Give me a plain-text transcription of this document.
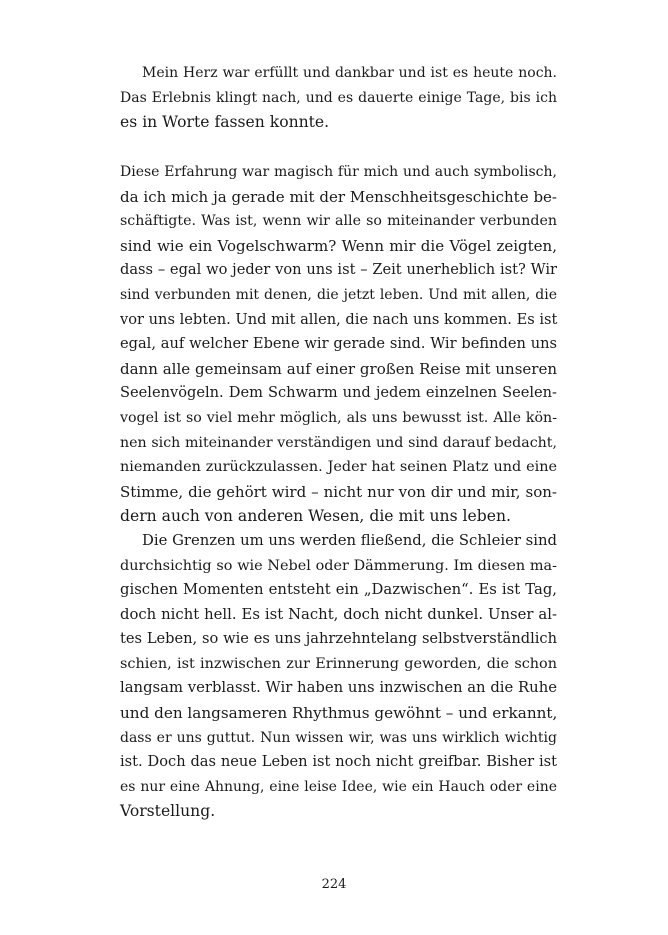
Mein Herz war erfüllt und dankbar und ist es heute noch.
Das Erlebnis klingt nach, und es dauerte einige Tage, bis ich
es in Worte fassen konnte.
Diese Erfahrung war magisch für mich und auch symbolisch,
da ich mich ja gerade mit der Menschheitsgeschichte be-
schäftigte. Was ist, wenn wir alle so miteinander verbunden
sind wie ein Vogelschwarm? Wenn mir die Vögel zeigten,
dass – egal wo jeder von uns ist – Zeit unerheblich ist? Wir
sind verbunden mit denen, die jetzt leben. Und mit allen, die
vor uns lebten. Und mit allen, die nach uns kommen. Es ist
egal, auf welcher Ebene wir gerade sind. Wir befinden uns
dann alle gemeinsam auf einer großen Reise mit unseren
Seelenvögeln. Dem Schwarm und jedem einzelnen Seelen-
vogel ist so viel mehr möglich, als uns bewusst ist. Alle kön-
nen sich miteinander verständigen und sind darauf bedacht,
niemanden zurückzulassen. Jeder hat seinen Platz und eine
Stimme, die gehört wird – nicht nur von dir und mir, son-
dern auch von anderen Wesen, die mit uns leben.
Die Grenzen um uns werden fließend, die Schleier sind
durchsichtig so wie Nebel oder Dämmerung. Im diesen ma-
gischen Momenten entsteht ein „Dazwischen“. Es ist Tag,
doch nicht hell. Es ist Nacht, doch nicht dunkel. Unser al-
tes Leben, so wie es uns jahrzehntelang selbstverständlich
schien, ist inzwischen zur Erinnerung geworden, die schon
langsam verblasst. Wir haben uns inzwischen an die Ruhe
und den langsameren Rhythmus gewöhnt – und erkannt,
dass er uns guttut. Nun wissen wir, was uns wirklich wichtig
ist. Doch das neue Leben ist noch nicht greifbar. Bisher ist
es nur eine Ahnung, eine leise Idee, wie ein Hauch oder eine
Vorstellung.
224
